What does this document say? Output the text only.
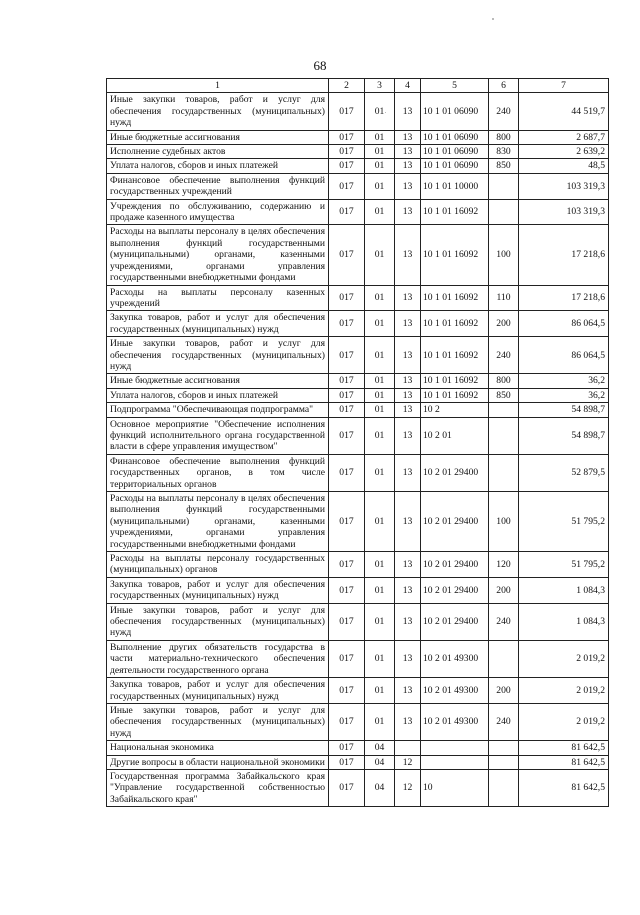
68
1	2	3	4	5	6	7
Иные закупки товаров, работ и услуг для обеспечения государственных (муниципальных) нужд	017	01	13	10 1 01 06090	240	44 519,7
Иные бюджетные ассигнования	017	01	13	10 1 01 06090	800	2 687,7
Исполнение судебных актов	017	01	13	10 1 01 06090	830	2 639,2
Уплата налогов, сборов и иных платежей	017	01	13	10 1 01 06090	850	48,5
Финансовое обеспечение выполнения функций государственных учреждений	017	01	13	10 1 01 10000		103 319,3
Учреждения по обслуживанию, содержанию и продаже казенного имущества	017	01	13	10 1 01 16092		103 319,3
Расходы на выплаты персоналу в целях обеспечения выполнения функций государственными (муниципальными) органами, казенными учреждениями, органами управления государственными внебюджетными фондами	017	01	13	10 1 01 16092	100	17 218,6
Расходы на выплаты персоналу казенных учреждений	017	01	13	10 1 01 16092	110	17 218,6
Закупка товаров, работ и услуг для обеспечения государственных (муниципальных) нужд	017	01	13	10 1 01 16092	200	86 064,5
Иные закупки товаров, работ и услуг для обеспечения государственных (муниципальных) нужд	017	01	13	10 1 01 16092	240	86 064,5
Иные бюджетные ассигнования	017	01	13	10 1 01 16092	800	36,2
Уплата налогов, сборов и иных платежей	017	01	13	10 1 01 16092	850	36,2
Подпрограмма "Обеспечивающая подпрограмма"	017	01	13	10 2		54 898,7
Основное мероприятие "Обеспечение исполнения функций исполнительного органа государственной власти в сфере управления имуществом"	017	01	13	10 2 01		54 898,7
Финансовое обеспечение выполнения функций государственных органов, в том числе территориальных органов	017	01	13	10 2 01 29400		52 879,5
Расходы на выплаты персоналу в целях обеспечения выполнения функций государственными (муниципальными) органами, казенными учреждениями, органами управления государственными внебюджетными фондами	017	01	13	10 2 01 29400	100	51 795,2
Расходы на выплаты персоналу государственных (муниципальных) органов	017	01	13	10 2 01 29400	120	51 795,2
Закупка товаров, работ и услуг для обеспечения государственных (муниципальных) нужд	017	01	13	10 2 01 29400	200	1 084,3
Иные закупки товаров, работ и услуг для обеспечения государственных (муниципальных) нужд	017	01	13	10 2 01 29400	240	1 084,3
Выполнение других обязательств государства в части материально-технического обеспечения деятельности государственного органа	017	01	13	10 2 01 49300		2 019,2
Закупка товаров, работ и услуг для обеспечения государственных (муниципальных) нужд	017	01	13	10 2 01 49300	200	2 019,2
Иные закупки товаров, работ и услуг для обеспечения государственных (муниципальных) нужд	017	01	13	10 2 01 49300	240	2 019,2
Национальная экономика	017	04				81 642,5
Другие вопросы в области национальной экономики	017	04	12			81 642,5
Государственная программа Забайкальского края "Управление государственной собственностью Забайкальского края"	017	04	12	10		81 642,5
